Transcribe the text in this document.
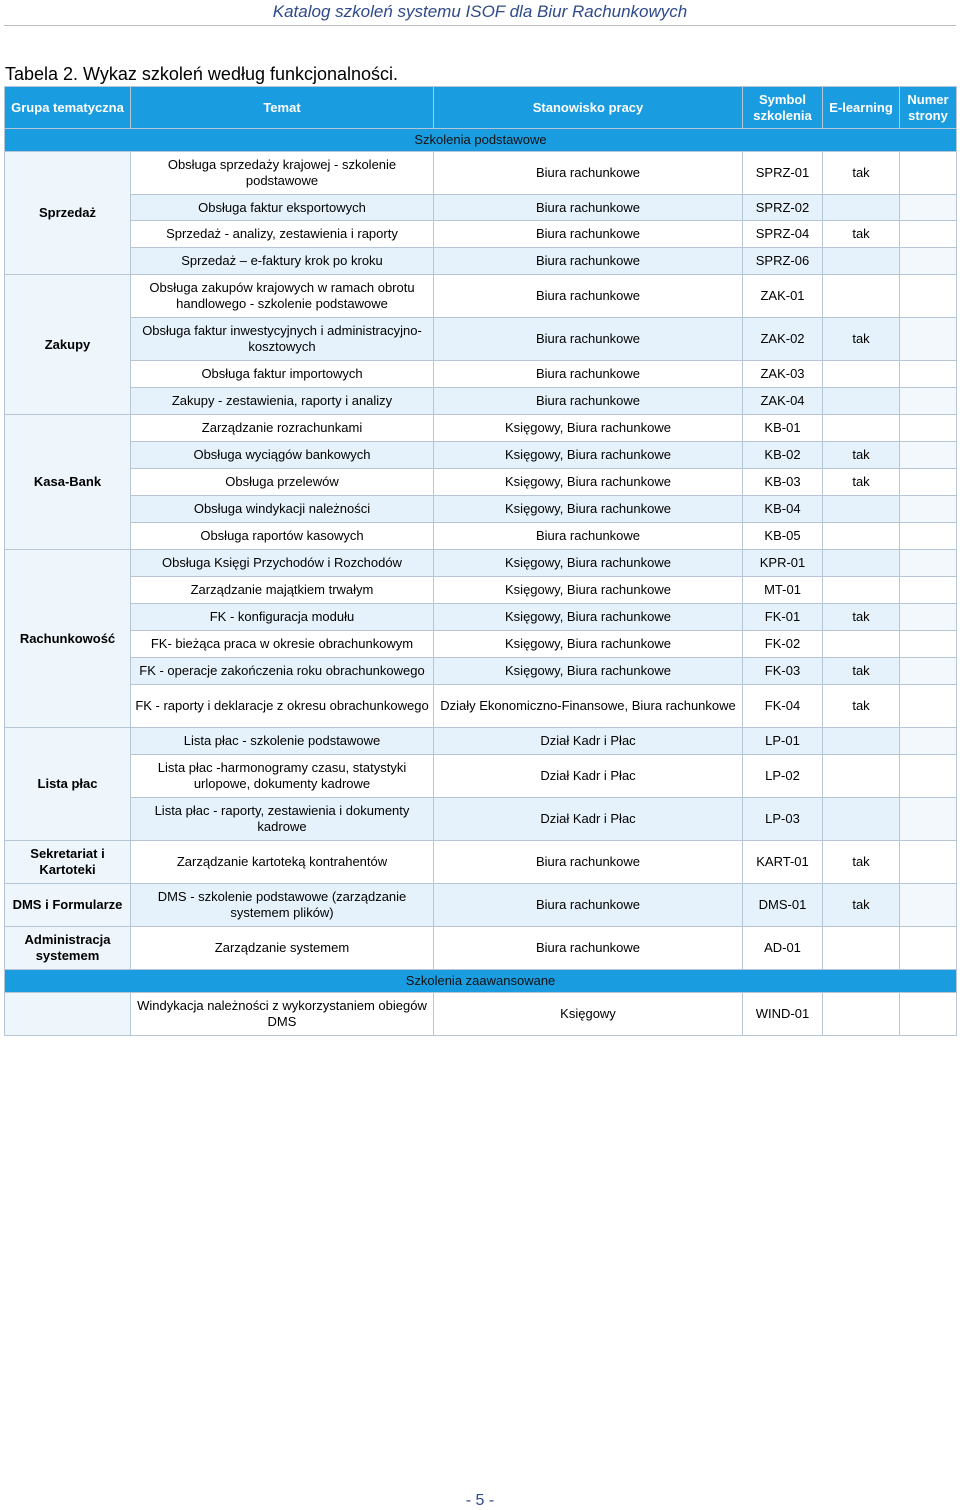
Katalog szkoleń systemu ISOF dla Biur Rachunkowych
Tabela 2. Wykaz szkoleń według funkcjonalności.
Grupa tematyczna	Temat	Stanowisko pracy	Symbol szkolenia	E-learning	Numer strony
Szkolenia podstawowe					
Sprzedaż	Obsługa sprzedaży krajowej - szkolenie podstawowe	Biura rachunkowe	SPRZ-01	tak	
	Obsługa faktur eksportowych	Biura rachunkowe	SPRZ-02		
	Sprzedaż - analizy, zestawienia i raporty	Biura rachunkowe	SPRZ-04	tak	
	Sprzedaż – e-faktury krok po kroku	Biura rachunkowe	SPRZ-06		
Zakupy	Obsługa zakupów krajowych w ramach obrotu handlowego - szkolenie podstawowe	Biura rachunkowe	ZAK-01		
	Obsługa faktur inwestycyjnych i administracyjno-kosztowych	Biura rachunkowe	ZAK-02	tak	
	Obsługa faktur importowych	Biura rachunkowe	ZAK-03		
	Zakupy - zestawienia, raporty i analizy	Biura rachunkowe	ZAK-04		
Kasa-Bank	Zarządzanie rozrachunkami	Księgowy, Biura rachunkowe	KB-01		
	Obsługa wyciągów bankowych	Księgowy, Biura rachunkowe	KB-02	tak	
	Obsługa przelewów	Księgowy, Biura rachunkowe	KB-03	tak	
	Obsługa windykacji należności	Księgowy, Biura rachunkowe	KB-04		
	Obsługa raportów kasowych	Biura rachunkowe	KB-05		
Rachunkowość	Obsługa Księgi Przychodów i Rozchodów	Księgowy, Biura rachunkowe	KPR-01		
	Zarządzanie majątkiem trwałym	Księgowy, Biura rachunkowe	MT-01		
	FK - konfiguracja modułu	Księgowy, Biura rachunkowe	FK-01	tak	
	FK- bieżąca praca w okresie obrachunkowym	Księgowy, Biura rachunkowe	FK-02		
	FK - operacje zakończenia roku obrachunkowego	Księgowy, Biura rachunkowe	FK-03	tak	
	FK - raporty i deklaracje z okresu obrachunkowego	Działy Ekonomiczno-Finansowe, Biura rachunkowe	FK-04	tak	
Lista płac	Lista płac - szkolenie podstawowe	Dział Kadr i Płac	LP-01		
	Lista płac -harmonogramy czasu, statystyki urlopowe, dokumenty kadrowe	Dział Kadr i Płac	LP-02		
	Lista płac - raporty, zestawienia i dokumenty kadrowe	Dział Kadr i Płac	LP-03		
Sekretariat i Kartoteki	Zarządzanie kartoteką kontrahentów	Biura rachunkowe	KART-01	tak	
DMS i Formularze	DMS - szkolenie podstawowe (zarządzanie systemem plików)	Biura rachunkowe	DMS-01	tak	
Administracja systemem	Zarządzanie systemem	Biura rachunkowe	AD-01		
Szkolenia zaawansowane					
	Windykacja należności z wykorzystaniem obiegów DMS	Księgowy	WIND-01		
- 5 -
